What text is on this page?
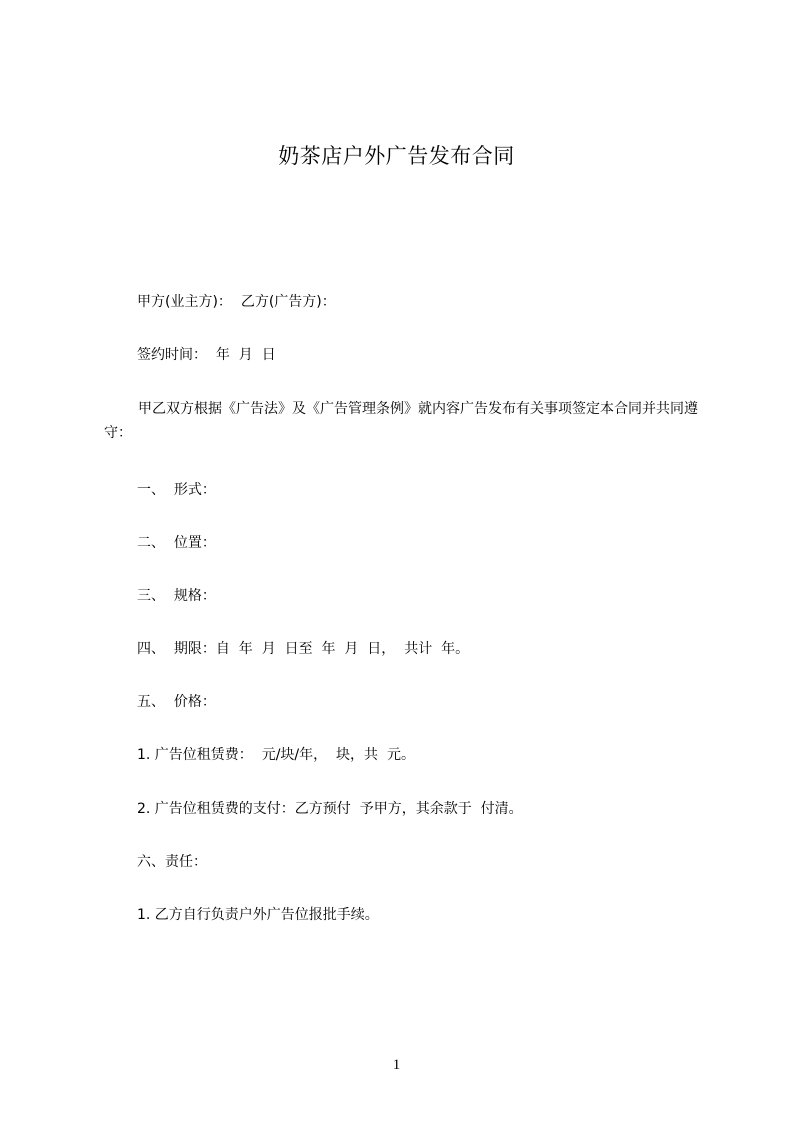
奶茶店户外广告发布合同
甲方(业主方)：  乙方(广告方)：
签约时间：  年  月  日
甲乙双方根据《广告法》及《广告管理条例》就内容广告发布有关事项签定本合同并共同遵守：
一、  形式：
二、  位置：
三、  规格：
四、  期限：自  年  月  日至  年  月  日，  共计  年。
五、  价格：
1. 广告位租赁费：  元/块/年，  块，共  元。
2. 广告位租赁费的支付：乙方预付  予甲方，其余款于  付清。
六、责任：
1. 乙方自行负责户外广告位报批手续。
1
